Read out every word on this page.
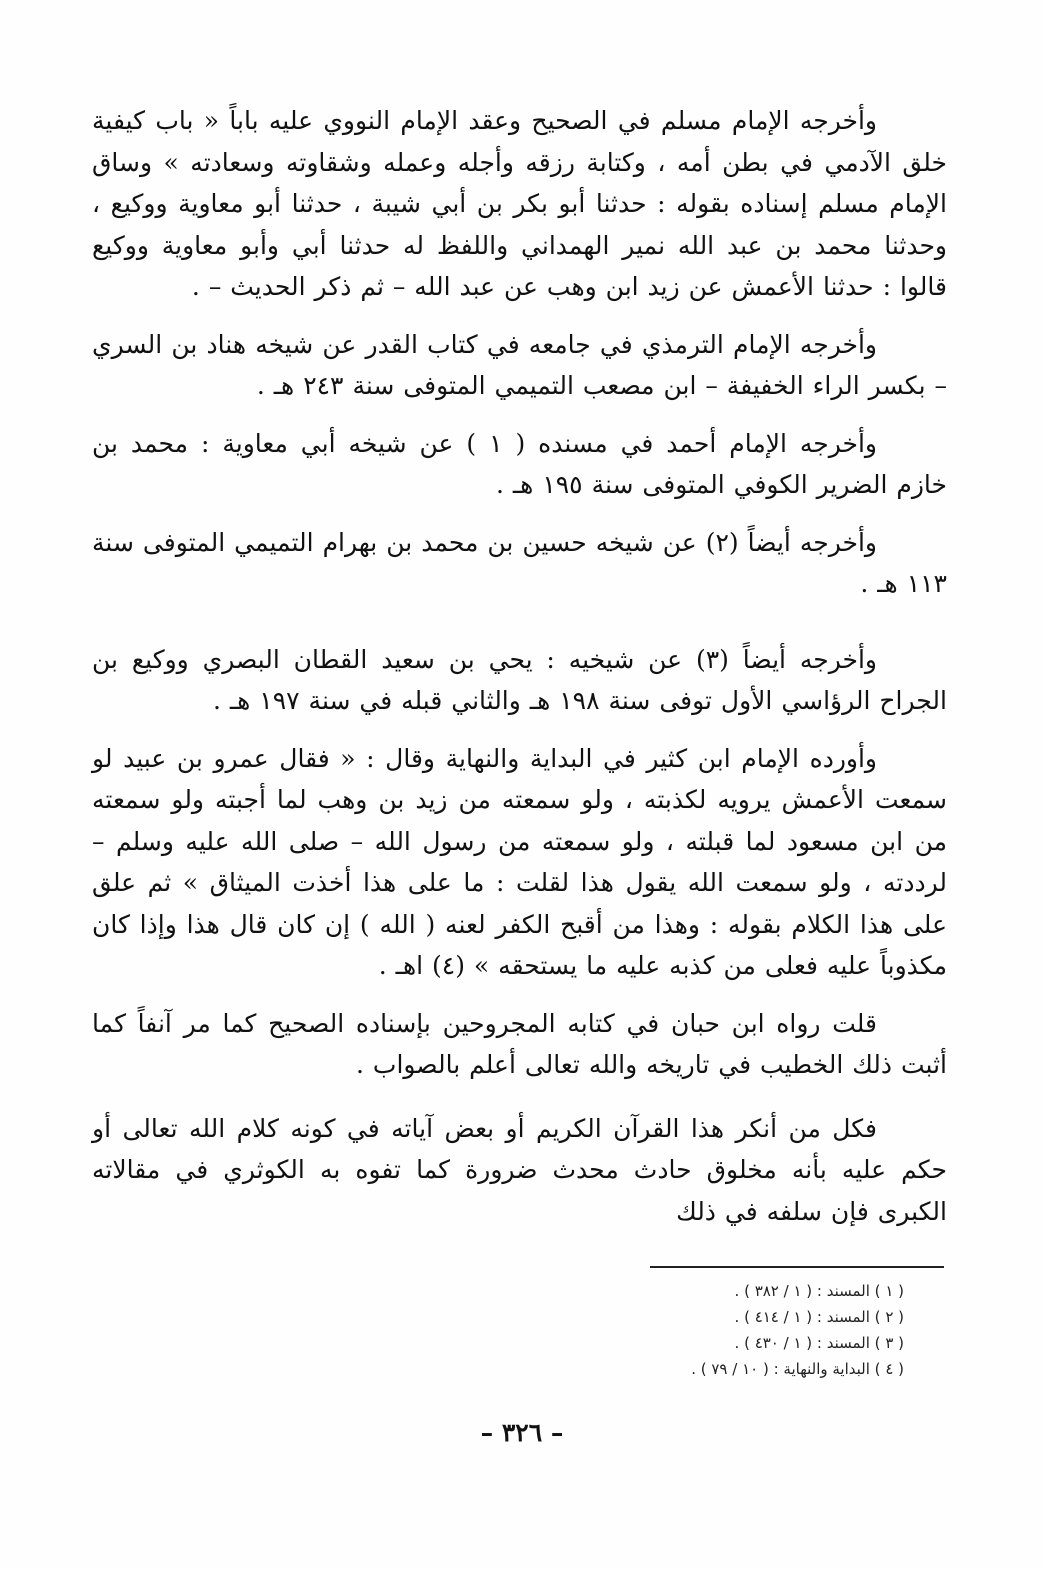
وأخرجه الإمام مسلم في الصحيح وعقد الإمام النووي عليه باباً « باب كيفية خلق الآدمي في بطن أمه ، وكتابة رزقه وأجله وعمله وشقاوته وسعادته » وساق الإمام مسلم إسناده بقوله : حدثنا أبو بكر بن أبي شيبة ، حدثنا أبو معاوية ووكيع ، وحدثنا محمد بن عبد الله نمير الهمداني واللفظ له حدثنا أبي وأبو معاوية ووكيع قالوا : حدثنا الأعمش عن زيد ابن وهب عن عبد الله – ثم ذكر الحديث – .

وأخرجه الإمام الترمذي في جامعه في كتاب القدر عن شيخه هناد بن السري – بكسر الراء الخفيفة – ابن مصعب التميمي المتوفى سنة ٢٤٣ هـ .

وأخرجه الإمام أحمد في مسنده ( ١ ) عن شيخه أبي معاوية : محمد بن خازم الضرير الكوفي المتوفى سنة ١٩٥ هـ .

وأخرجه أيضاً (٢) عن شيخه حسين بن محمد بن بهرام التميمي المتوفى سنة ١١٣ هـ .

وأخرجه أيضاً (٣) عن شيخيه : يحي بن سعيد القطان البصري ووكيع بن الجراح الرؤاسي الأول توفى سنة ١٩٨ هـ والثاني قبله في سنة ١٩٧ هـ .

وأورده الإمام ابن كثير في البداية والنهاية وقال : « فقال عمرو بن عبيد لو سمعت الأعمش يرويه لكذبته ، ولو سمعته من زيد بن وهب لما أجبته ولو سمعته من ابن مسعود لما قبلته ، ولو سمعته من رسول الله – صلى الله عليه وسلم – لرددته ، ولو سمعت الله يقول هذا لقلت : ما على هذا أخذت الميثاق » ثم علق على هذا الكلام بقوله : وهذا من أقبح الكفر لعنه ( الله ) إن كان قال هذا وإذا كان مكذوباً عليه فعلى من كذبه عليه ما يستحقه » (٤) اهـ .

قلت رواه ابن حبان في كتابه المجروحين بإسناده الصحيح كما مر آنفاً كما أثبت ذلك الخطيب في تاريخه والله تعالى أعلم بالصواب .

فكل من أنكر هذا القرآن الكريم أو بعض آياته في كونه كلام الله تعالى أو حكم عليه بأنه مخلوق حادث محدث ضرورة كما تفوه به الكوثري في مقالاته الكبرى فإن سلفه في ذلك

( ١ ) المسند : ( ١ / ٣٨٢ ) .

( ٢ ) المسند : ( ١ / ٤١٤ ) .

( ٣ ) المسند : ( ١ / ٤٣٠ ) .

( ٤ ) البداية والنهاية : ( ١٠ / ٧٩ ) .

– ٣٢٦ –
